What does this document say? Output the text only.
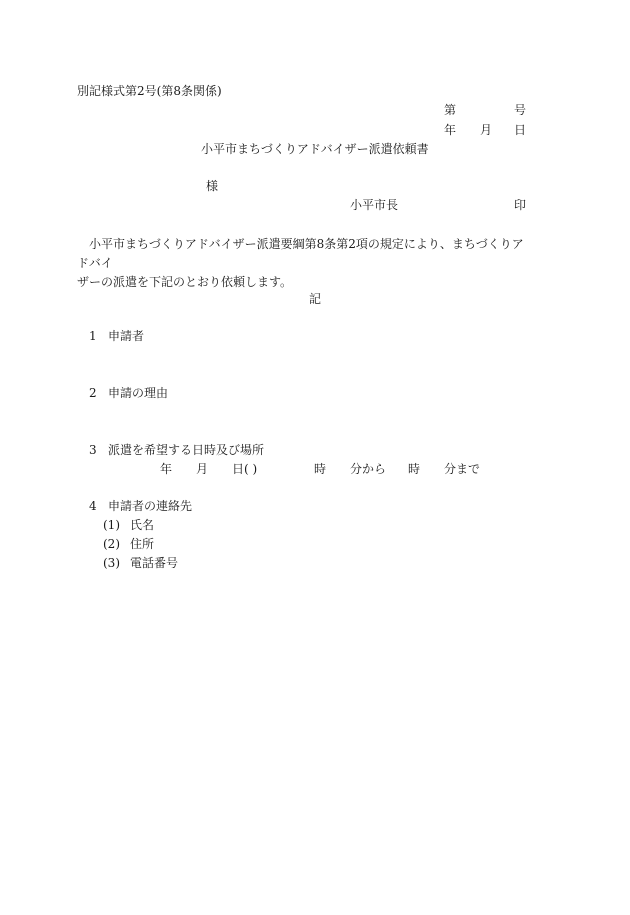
別記様式第2号(第8条関係)
第	号
年 月 日
小平市まちづくりアドバイザー派遣依頼書
様
小平市長	印
小平市まちづくりアドバイザー派遣要綱第8条第2項の規定により、まちづくりアドバイ
ザーの派遣を下記のとおり依頼します。
記
1 申請者
2 申請の理由
3 派遣を希望する日時及び場所
年 月 日( )	時 分から 時 分まで
4 申請者の連絡先
(1) 氏名
(2) 住所
(3) 電話番号
